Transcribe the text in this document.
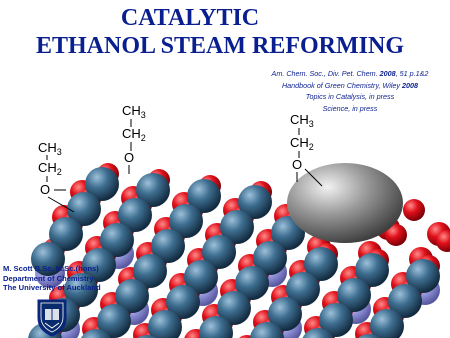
CATALYTIC
ETHANOL STEAM REFORMING
Am. Chem. Soc., Div. Pet. Chem. 2008, 51 p.1&2
Handbook of Green Chemistry, Wiley 2008
Topics in Catalysis, in press
Science, in press
$CH_3$
$CH_2$
O
$CH_3$
$CH_2$
O
$CH_3$
$CH_2$
O
M. Scott B.Sc. M.Sc.(hons)
Department of Chemistry
The University of Auckland
